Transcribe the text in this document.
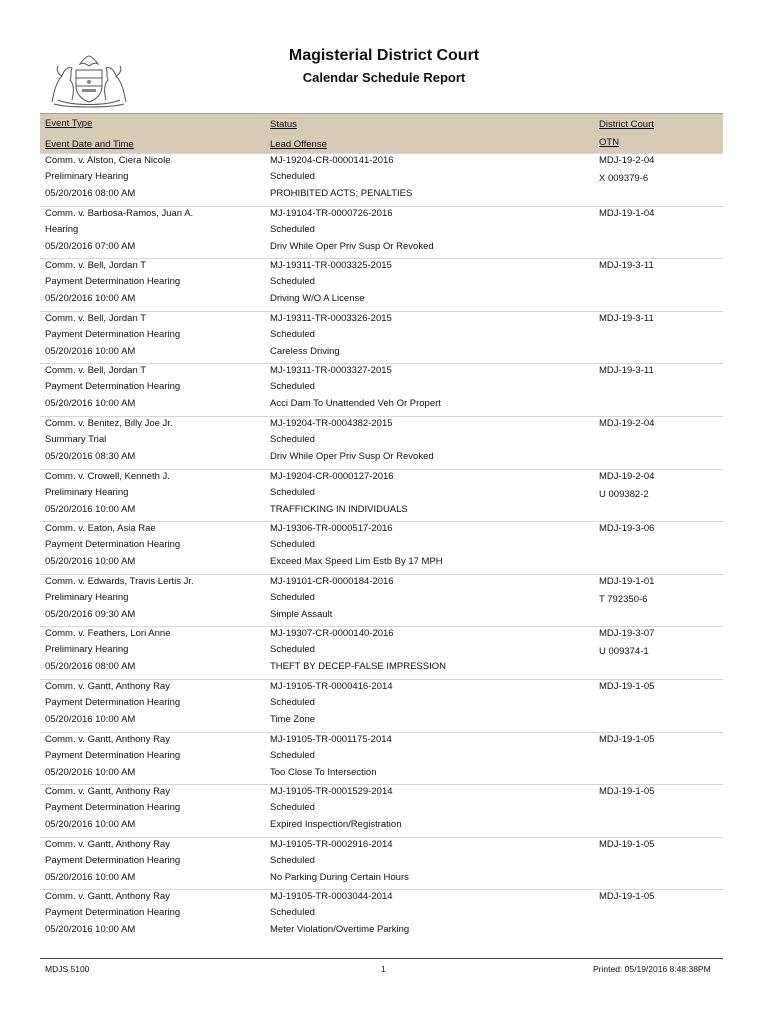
Magisterial District Court
Calendar Schedule Report
Event Type
Event Date and Time
Status
Lead Offense
District Court
OTN
Comm. v. Alston, Ciera Nicole
Preliminary Hearing
05/20/2016 08:00 AM
MJ-19204-CR-0000141-2016
Scheduled
PROHIBITED ACTS; PENALTIES
MDJ-19-2-04
X 009379-6
Comm. v. Barbosa-Ramos, Juan A.
Hearing
05/20/2016 07:00 AM
MJ-19104-TR-0000726-2016
Scheduled
Driv While Oper Priv Susp Or Revoked
MDJ-19-1-04
Comm. v. Bell, Jordan T
Payment Determination Hearing
05/20/2016 10:00 AM
MJ-19311-TR-0003325-2015
Scheduled
Driving W/O A License
MDJ-19-3-11
Comm. v. Bell, Jordan T
Payment Determination Hearing
05/20/2016 10:00 AM
MJ-19311-TR-0003326-2015
Scheduled
Careless Driving
MDJ-19-3-11
Comm. v. Bell, Jordan T
Payment Determination Hearing
05/20/2016 10:00 AM
MJ-19311-TR-0003327-2015
Scheduled
Acci Dam To Unattended Veh Or Propert
MDJ-19-3-11
Comm. v. Benitez, Billy Joe Jr.
Summary Trial
05/20/2016 08:30 AM
MJ-19204-TR-0004382-2015
Scheduled
Driv While Oper Priv Susp Or Revoked
MDJ-19-2-04
Comm. v. Crowell, Kenneth J.
Preliminary Hearing
05/20/2016 10:00 AM
MJ-19204-CR-0000127-2016
Scheduled
TRAFFICKING IN INDIVIDUALS
MDJ-19-2-04
U 009382-2
Comm. v. Eaton, Asia Rae
Payment Determination Hearing
05/20/2016 10:00 AM
MJ-19306-TR-0000517-2016
Scheduled
Exceed Max Speed Lim Estb By 17 MPH
MDJ-19-3-06
Comm. v. Edwards, Travis Lertis Jr.
Preliminary Hearing
05/20/2016 09:30 AM
MJ-19101-CR-0000184-2016
Scheduled
Simple Assault
MDJ-19-1-01
T 792350-6
Comm. v. Feathers, Lori Anne
Preliminary Hearing
05/20/2016 08:00 AM
MJ-19307-CR-0000140-2016
Scheduled
THEFT BY DECEP-FALSE IMPRESSION
MDJ-19-3-07
U 009374-1
Comm. v. Gantt, Anthony Ray
Payment Determination Hearing
05/20/2016 10:00 AM
MJ-19105-TR-0000416-2014
Scheduled
Time Zone
MDJ-19-1-05
Comm. v. Gantt, Anthony Ray
Payment Determination Hearing
05/20/2016 10:00 AM
MJ-19105-TR-0001175-2014
Scheduled
Too Close To Intersection
MDJ-19-1-05
Comm. v. Gantt, Anthony Ray
Payment Determination Hearing
05/20/2016 10:00 AM
MJ-19105-TR-0001529-2014
Scheduled
Expired Inspection/Registration
MDJ-19-1-05
Comm. v. Gantt, Anthony Ray
Payment Determination Hearing
05/20/2016 10:00 AM
MJ-19105-TR-0002916-2014
Scheduled
No Parking During Certain Hours
MDJ-19-1-05
Comm. v. Gantt, Anthony Ray
Payment Determination Hearing
05/20/2016 10:00 AM
MJ-19105-TR-0003044-2014
Scheduled
Meter Violation/Overtime Parking
MDJ-19-1-05
MDJS 5100	1	Printed: 05/19/2016 8:48:38PM
